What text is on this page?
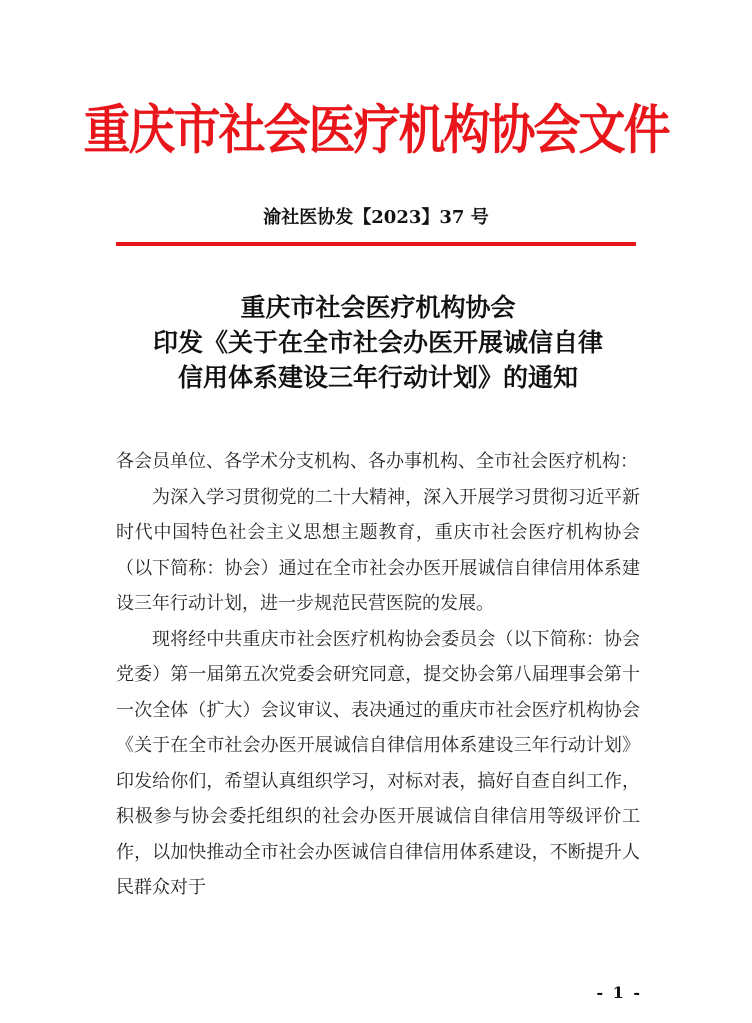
重庆市社会医疗机构协会文件
渝社医协发【2023】37 号
重庆市社会医疗机构协会
印发《关于在全市社会办医开展诚信自律
信用体系建设三年行动计划》的通知

各会员单位、各学术分支机构、各办事机构、全市社会医疗机构：

为深入学习贯彻党的二十大精神，深入开展学习贯彻习近平新时代中国特色社会主义思想主题教育，重庆市社会医疗机构协会（以下简称：协会）通过在全市社会办医开展诚信自律信用体系建设三年行动计划，进一步规范民营医院的发展。

现将经中共重庆市社会医疗机构协会委员会（以下简称：协会党委）第一届第五次党委会研究同意，提交协会第八届理事会第十一次全体（扩大）会议审议、表决通过的重庆市社会医疗机构协会《关于在全市社会办医开展诚信自律信用体系建设三年行动计划》印发给你们，希望认真组织学习，对标对表，搞好自查自纠工作，积极参与协会委托组织的社会办医开展诚信自律信用等级评价工作，以加快推动全市社会办医诚信自律信用体系建设，不断提升人民群众对于

- 1 -
